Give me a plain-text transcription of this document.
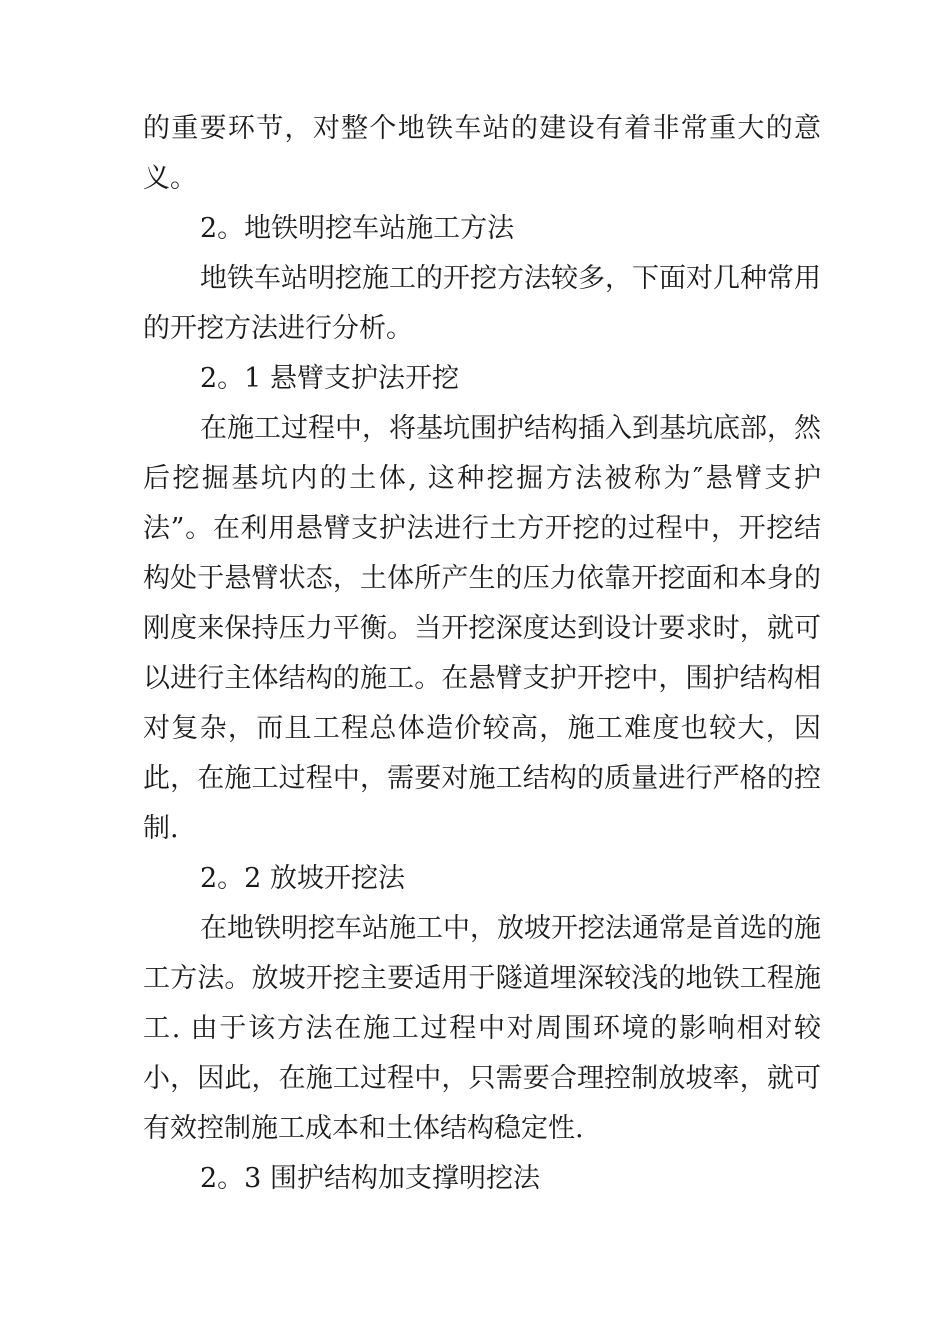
的重要环节，对整个地铁车站的建设有着非常重大的意义。

2。地铁明挖车站施工方法

地铁车站明挖施工的开挖方法较多，下面对几种常用的开挖方法进行分析。

2。1 悬臂支护法开挖

在施工过程中，将基坑围护结构插入到基坑底部，然后挖掘基坑内的土体, 这种挖掘方法被称为″悬臂支护法”。在利用悬臂支护法进行土方开挖的过程中，开挖结构处于悬臂状态，土体所产生的压力依靠开挖面和本身的刚度来保持压力平衡。当开挖深度达到设计要求时，就可以进行主体结构的施工。在悬臂支护开挖中，围护结构相对复杂，而且工程总体造价较高，施工难度也较大，因此，在施工过程中，需要对施工结构的质量进行严格的控制.

2。2 放坡开挖法

在地铁明挖车站施工中，放坡开挖法通常是首选的施工方法。放坡开挖主要适用于隧道埋深较浅的地铁工程施工. 由于该方法在施工过程中对周围环境的影响相对较小，因此，在施工过程中，只需要合理控制放坡率，就可有效控制施工成本和土体结构稳定性.

2。3 围护结构加支撑明挖法
